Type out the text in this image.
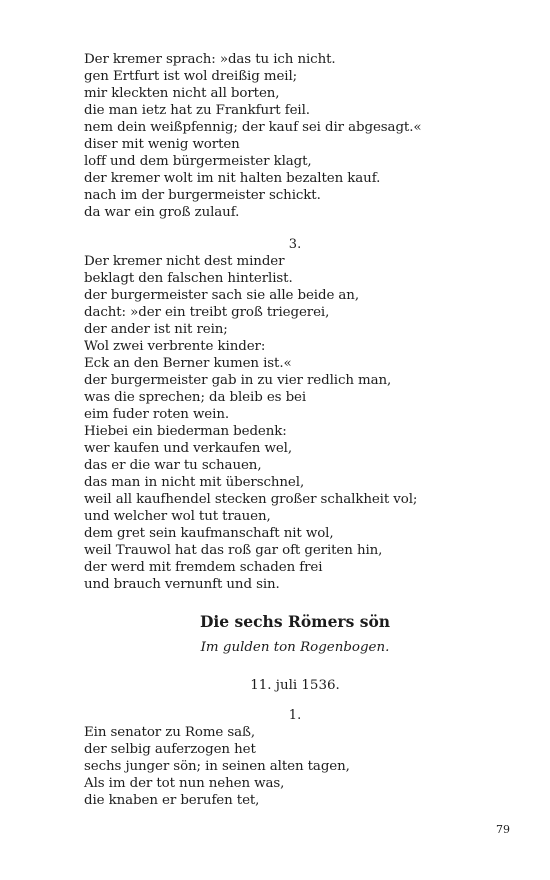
Der kremer sprach: »das tu ich nicht.
gen Ertfurt ist wol dreißig meil;
mir kleckten nicht all borten,
die man ietz hat zu Frankfurt feil.
nem dein weißpfennig; der kauf sei dir abgesagt.«
diser mit wenig worten
loff und dem bürgermeister klagt,
der kremer wolt im nit halten bezalten kauf.
nach im der burgermeister schickt.
da war ein groß zulauf.
3.
Der kremer nicht dest minder
beklagt den falschen hinterlist.
der burgermeister sach sie alle beide an,
dacht: »der ein treibt groß triegerei,
der ander ist nit rein;
Wol zwei verbrente kinder:
Eck an den Berner kumen ist.«
der burgermeister gab in zu vier redlich man,
was die sprechen; da bleib es bei
eim fuder roten wein.
Hiebei ein biederman bedenk:
wer kaufen und verkaufen wel,
das er die war tu schauen,
das man in nicht mit überschnel,
weil all kaufhendel stecken großer schalkheit vol;
und welcher wol tut trauen,
dem gret sein kaufmanschaft nit wol,
weil Trauwol hat das roß gar oft geriten hin,
der werd mit fremdem schaden frei
und brauch vernunft und sin.
Die sechs Römers sön
Im gulden ton Rogenbogen.
11. juli 1536.
1.
Ein senator zu Rome saß,
der selbig auferzogen het
sechs junger sön; in seinen alten tagen,
Als im der tot nun nehen was,
die knaben er berufen tet,
79
